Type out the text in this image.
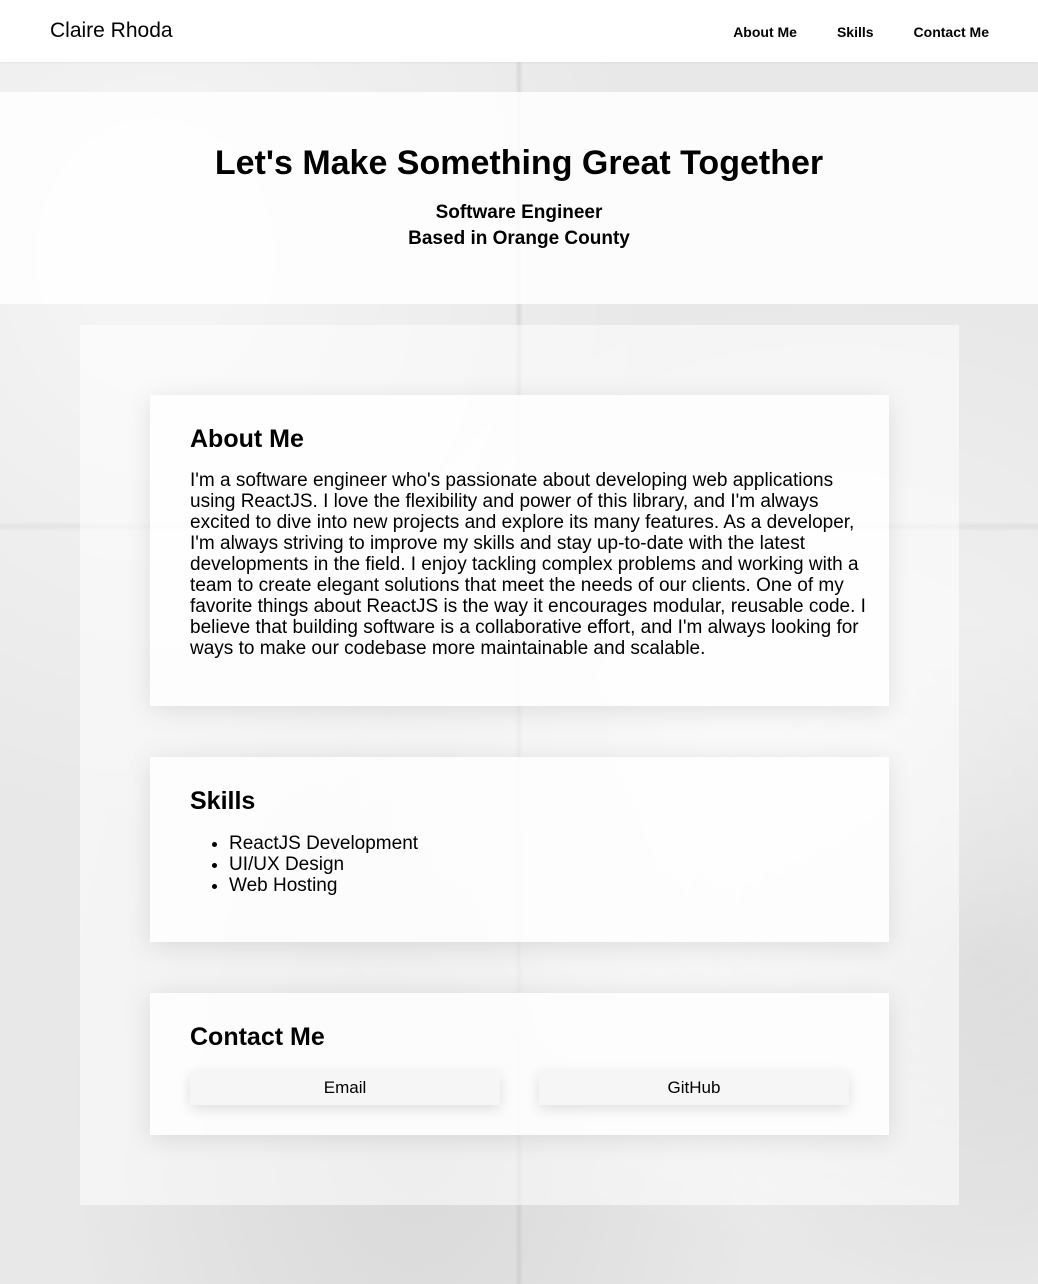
Claire Rhoda	About Me	Skills	Contact Me
Let's Make Something Great Together
Software Engineer
Based in Orange County
About Me

I'm a software engineer who's passionate about developing web applications using ReactJS. I love the flexibility and power of this library, and I'm always excited to dive into new projects and explore its many features. As a developer, I'm always striving to improve my skills and stay up-to-date with the latest developments in the field. I enjoy tackling complex problems and working with a team to create elegant solutions that meet the needs of our clients. One of my favorite things about ReactJS is the way it encourages modular, reusable code. I believe that building software is a collaborative effort, and I'm always looking for ways to make our codebase more maintainable and scalable.

Skills
• ReactJS Development
• UI/UX Design
• Web Hosting
Contact Me
Email	GitHub
